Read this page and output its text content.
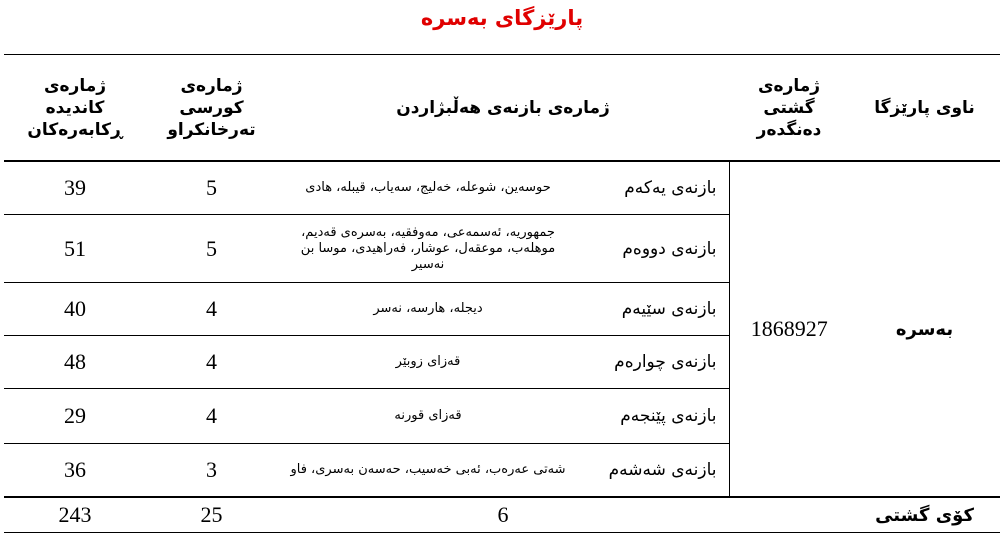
پارێزگای بەسرە
ناوی پارێزگا	ژمارەی گشتی دەنگدەر	ژمارەی بازنەی هەڵبژاردن		ژمارەی کورسی تەرخانکراو	ژمارەی کاندیدە ڕکابەرەکان
بەسرە	1868927	بازنەی یەکەم	حوسەین، شوعلە، خەلیج، سەیاب، قیبلە، هادی	5	39
		بازنەی دووەم	جمهوریە، ئەسمەعی، مەوفقیە، بەسرەی قەدیم، موهلەب، موعقەل، عوشار، فەراهیدی، موسا بن نەسیر	5	51
		بازنەی سێیەم	دیجلە، هارسە، نەسر	4	40
		بازنەی چوارەم	قەزای زوبێر	4	48
		بازنەی پێنجەم	قەزای قورنە	4	29
		بازنەی شەشەم	شەتی عەرەب، ئەبی خەسیب، حەسەن بەسری، فاو	3	36
کۆی گشتی		6		25	243
